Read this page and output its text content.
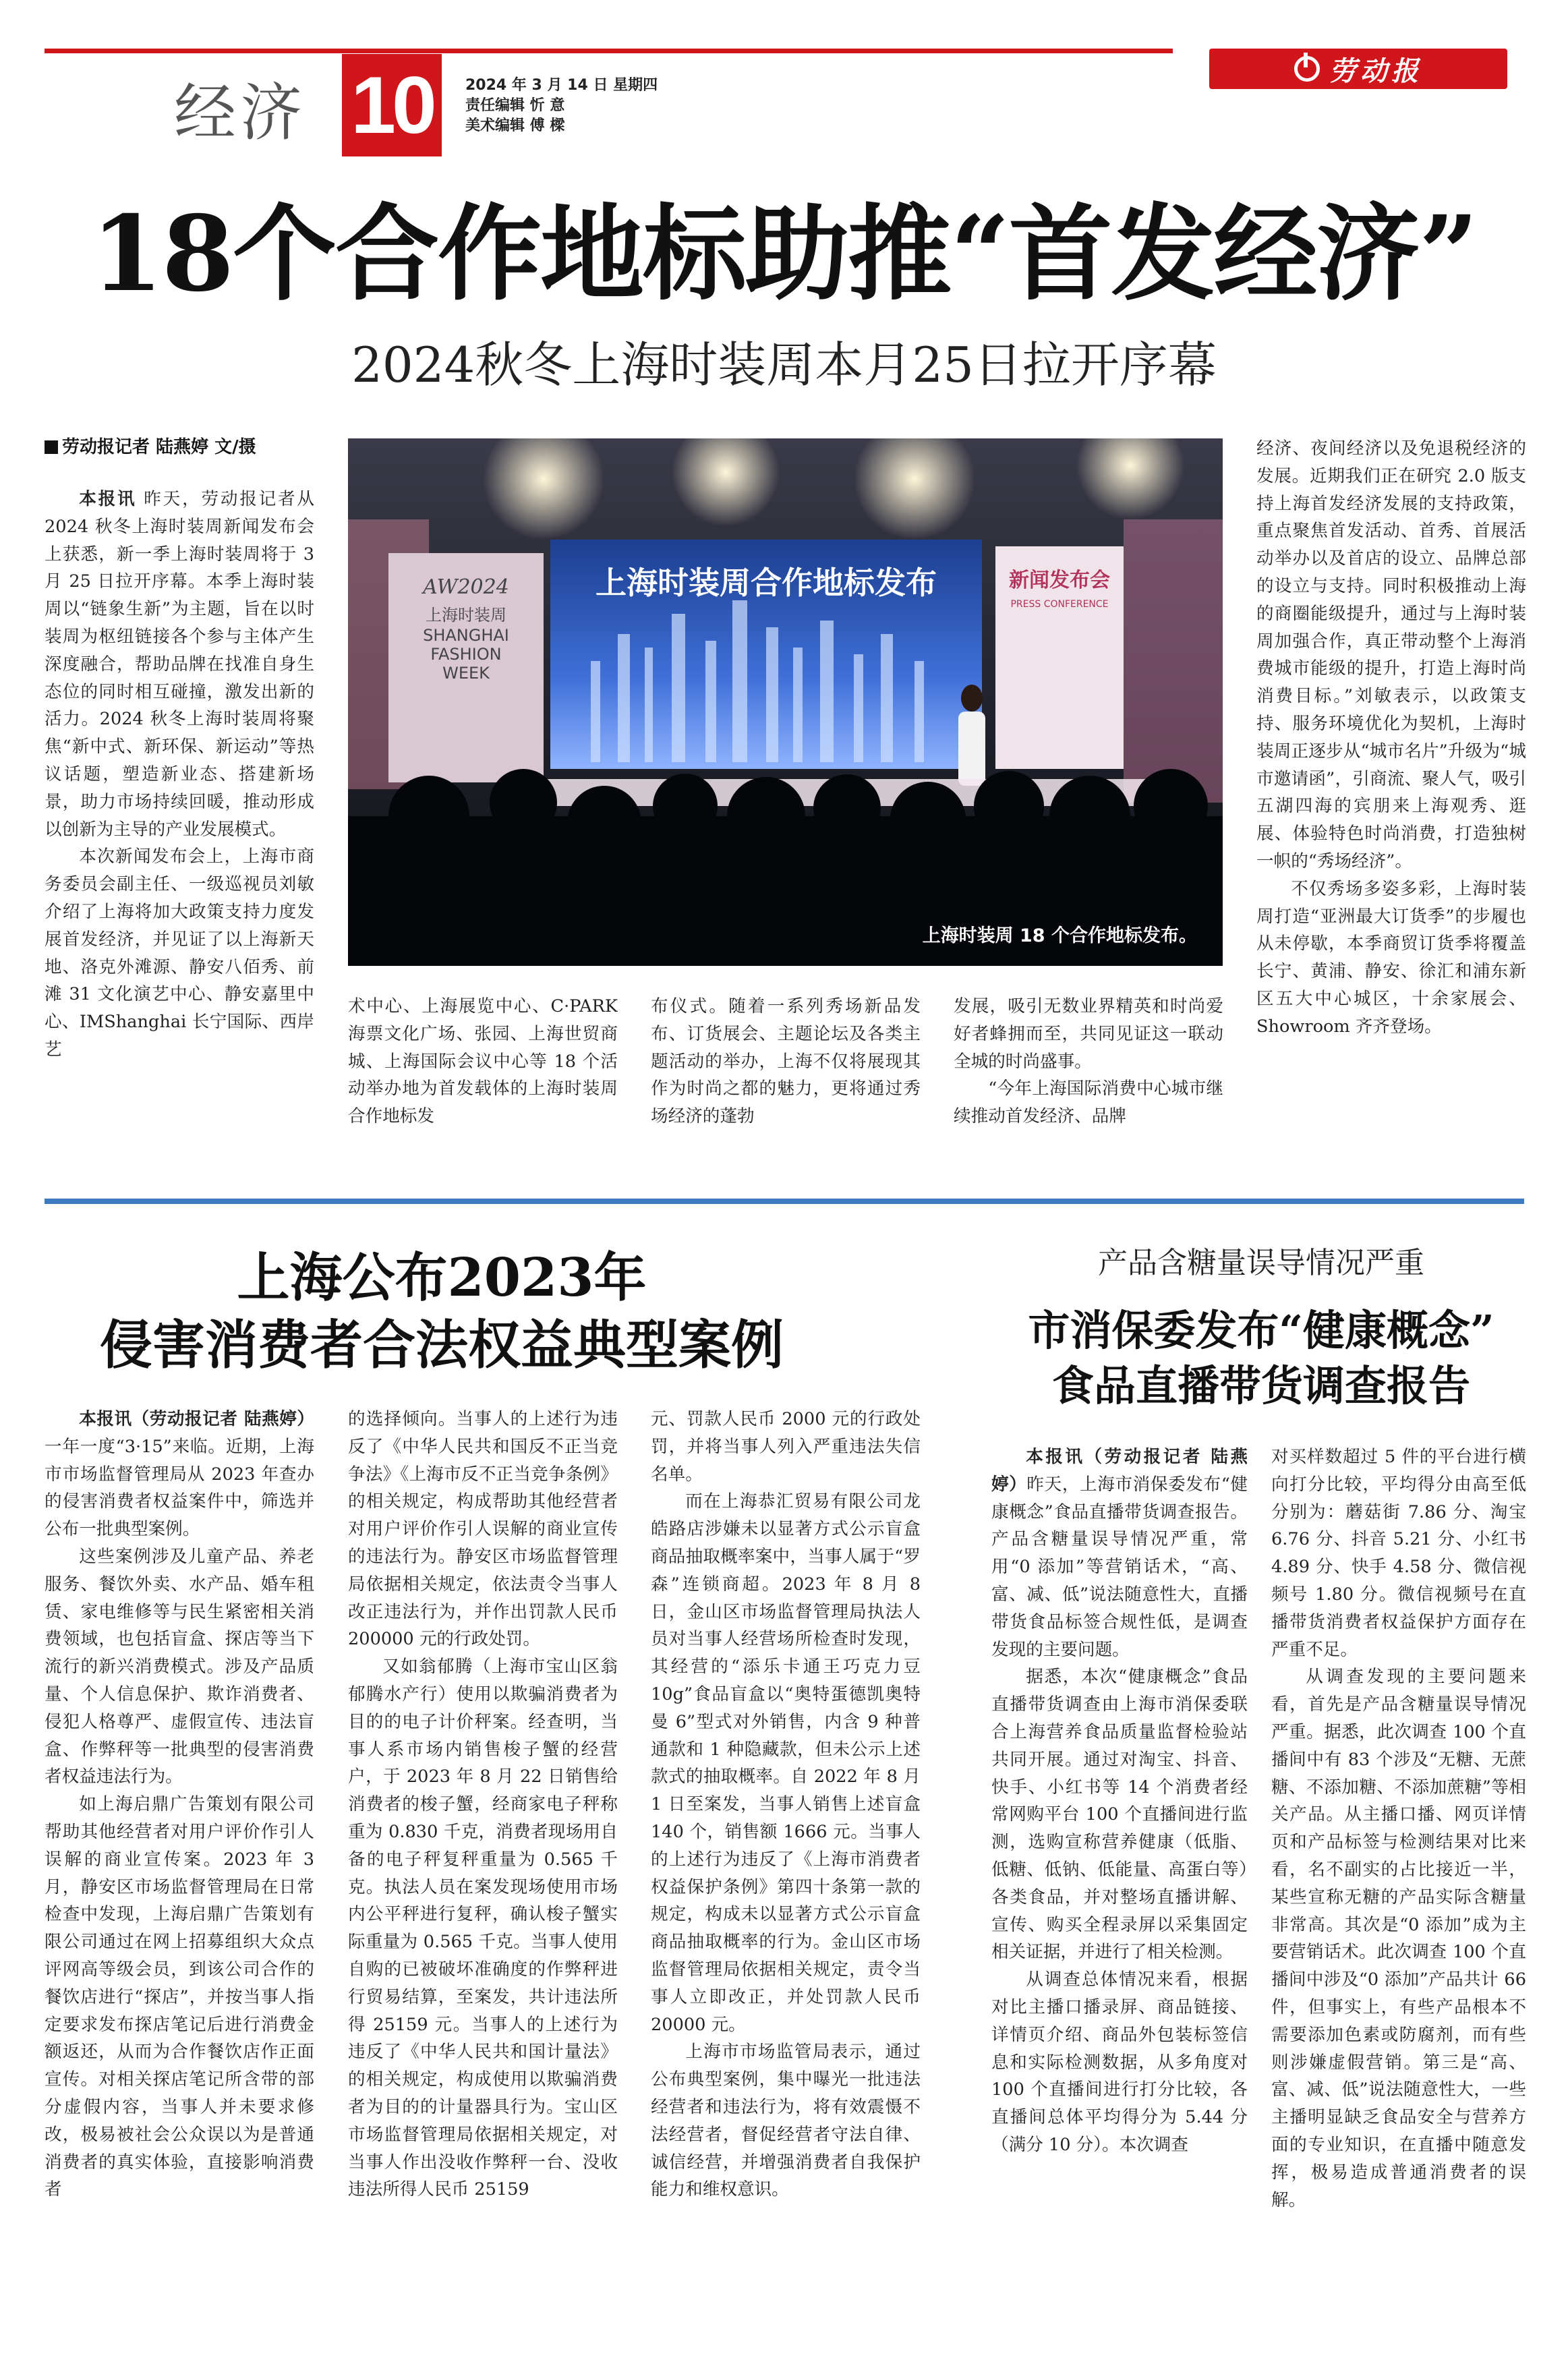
经济 10	2024 年 3 月 14 日 星期四
责任编辑 忻 意
美术编辑 傅 樑
劳动报
18个合作地标助推“首发经济”
2024秋冬上海时装周本月25日拉开序幕
劳动报记者 陆燕婷 文/摄

本报讯 昨天，劳动报记者从 2024 秋冬上海时装周新闻发布会上获悉，新一季上海时装周将于 3 月 25 日拉开序幕。本季上海时装周以“链象生新”为主题，旨在以时装周为枢纽链接各个参与主体产生深度融合，帮助品牌在找准自身生态位的同时相互碰撞，激发出新的活力。2024 秋冬上海时装周将聚焦“新中式、新环保、新运动”等热议话题，塑造新业态、搭建新场景，助力市场持续回暖，推动形成以创新为主导的产业发展模式。

本次新闻发布会上，上海市商务委员会副主任、一级巡视员刘敏介绍了上海将加大政策支持力度发展首发经济，并见证了以上海新天地、洛克外滩源、静安八佰秀、前滩 31 文化演艺中心、静安嘉里中心、IMShanghai 长宁国际、西岸艺

AW2024
上海时装周
SHANGHAI
FASHION
WEEK
上海时装周合作地标发布	新闻发布会
PRESS CONFERENCE
上海时装周 18 个合作地标发布。

术中心、上海展览中心、C·PARK 海票文化广场、张园、上海世贸商城、上海国际会议中心等 18 个活动举办地为首发载体的上海时装周合作地标发

布仪式。随着一系列秀场新品发布、订货展会、主题论坛及各类主题活动的举办，上海不仅将展现其作为时尚之都的魅力，更将通过秀场经济的蓬勃

发展，吸引无数业界精英和时尚爱好者蜂拥而至，共同见证这一联动全城的时尚盛事。

“今年上海国际消费中心城市继续推动首发经济、品牌

经济、夜间经济以及免退税经济的发展。近期我们正在研究 2.0 版支持上海首发经济发展的支持政策，重点聚焦首发活动、首秀、首展活动举办以及首店的设立、品牌总部的设立与支持。同时积极推动上海的商圈能级提升，通过与上海时装周加强合作，真正带动整个上海消费城市能级的提升，打造上海时尚消费目标。”刘敏表示，以政策支持、服务环境优化为契机，上海时装周正逐步从“城市名片”升级为“城市邀请函”，引商流、聚人气，吸引五湖四海的宾朋来上海观秀、逛展、体验特色时尚消费，打造独树一帜的“秀场经济”。

不仅秀场多姿多彩，上海时装周打造“亚洲最大订货季”的步履也从未停歇，本季商贸订货季将覆盖长宁、黄浦、静安、徐汇和浦东新区五大中心城区，十余家展会、Showroom 齐齐登场。

上海公布2023年
侵害消费者合法权益典型案例

本报讯（劳动报记者 陆燕婷）一年一度“3·15”来临。近期，上海市市场监督管理局从 2023 年查办的侵害消费者权益案件中，筛选并公布一批典型案例。

这些案例涉及儿童产品、养老服务、餐饮外卖、水产品、婚车租赁、家电维修等与民生紧密相关消费领域，也包括盲盒、探店等当下流行的新兴消费模式。涉及产品质量、个人信息保护、欺诈消费者、侵犯人格尊严、虚假宣传、违法盲盒、作弊秤等一批典型的侵害消费者权益违法行为。

如上海启鼎广告策划有限公司帮助其他经营者对用户评价作引人误解的商业宣传案。2023 年 3 月，静安区市场监督管理局在日常检查中发现，上海启鼎广告策划有限公司通过在网上招募组织大众点评网高等级会员，到该公司合作的餐饮店进行“探店”，并按当事人指定要求发布探店笔记后进行消费金额返还，从而为合作餐饮店作正面宣传。对相关探店笔记所含带的部分虚假内容，当事人并未要求修改，极易被社会公众误以为是普通消费者的真实体验，直接影响消费者

的选择倾向。当事人的上述行为违反了《中华人民共和国反不正当竞争法》《上海市反不正当竞争条例》的相关规定，构成帮助其他经营者对用户评价作引人误解的商业宣传的违法行为。静安区市场监督管理局依据相关规定，依法责令当事人改正违法行为，并作出罚款人民币 200000 元的行政处罚。

又如翁郁腾（上海市宝山区翁郁腾水产行）使用以欺骗消费者为目的的电子计价秤案。经查明，当事人系市场内销售梭子蟹的经营户，于 2023 年 8 月 22 日销售给消费者的梭子蟹，经商家电子秤称重为 0.830 千克，消费者现场用自备的电子秤复秤重量为 0.565 千克。执法人员在案发现场使用市场内公平秤进行复秤，确认梭子蟹实际重量为 0.565 千克。当事人使用自购的已被破坏准确度的作弊秤进行贸易结算，至案发，共计违法所得 25159 元。当事人的上述行为违反了《中华人民共和国计量法》的相关规定，构成使用以欺骗消费者为目的的计量器具行为。宝山区市场监督管理局依据相关规定，对当事人作出没收作弊秤一台、没收违法所得人民币 25159

元、罚款人民币 2000 元的行政处罚，并将当事人列入严重违法失信名单。

而在上海恭汇贸易有限公司龙皓路店涉嫌未以显著方式公示盲盒商品抽取概率案中，当事人属于“罗森”连锁商超。2023 年 8 月 8 日，金山区市场监督管理局执法人员对当事人经营场所检查时发现，其经营的“添乐卡通王巧克力豆 10g”食品盲盒以“奥特蛋德凯奥特曼 6”型式对外销售，内含 9 种普通款和 1 种隐藏款，但未公示上述款式的抽取概率。自 2022 年 8 月 1 日至案发，当事人销售上述盲盒 140 个，销售额 1666 元。当事人的上述行为违反了《上海市消费者权益保护条例》第四十条第一款的规定，构成未以显著方式公示盲盒商品抽取概率的行为。金山区市场监督管理局依据相关规定，责令当事人立即改正，并处罚款人民币 20000 元。

上海市市场监管局表示，通过公布典型案例，集中曝光一批违法经营者和违法行为，将有效震慑不法经营者，督促经营者守法自律、诚信经营，并增强消费者自我保护能力和维权意识。

产品含糖量误导情况严重
市消保委发布“健康概念”
食品直播带货调查报告

本报讯（劳动报记者 陆燕婷）昨天，上海市消保委发布“健康概念”食品直播带货调查报告。产品含糖量误导情况严重，常用“0 添加”等营销话术，“高、富、减、低”说法随意性大，直播带货食品标签合规性低，是调查发现的主要问题。

据悉，本次“健康概念”食品直播带货调查由上海市消保委联合上海营养食品质量监督检验站共同开展。通过对淘宝、抖音、快手、小红书等 14 个消费者经常网购平台 100 个直播间进行监测，选购宣称营养健康（低脂、低糖、低钠、低能量、高蛋白等）各类食品，并对整场直播讲解、宣传、购买全程录屏以采集固定相关证据，并进行了相关检测。

从调查总体情况来看，根据对比主播口播录屏、商品链接、详情页介绍、商品外包装标签信息和实际检测数据，从多角度对 100 个直播间进行打分比较，各直播间总体平均得分为 5.44 分（满分 10 分）。本次调查

对买样数超过 5 件的平台进行横向打分比较，平均得分由高至低分别为：蘑菇街 7.86 分、淘宝 6.76 分、抖音 5.21 分、小红书 4.89 分、快手 4.58 分、微信视频号 1.80 分。微信视频号在直播带货消费者权益保护方面存在严重不足。

从调查发现的主要问题来看，首先是产品含糖量误导情况严重。据悉，此次调查 100 个直播间中有 83 个涉及“无糖、无蔗糖、不添加糖、不添加蔗糖”等相关产品。从主播口播、网页详情页和产品标签与检测结果对比来看，名不副实的占比接近一半，某些宣称无糖的产品实际含糖量非常高。其次是“0 添加”成为主要营销话术。此次调查 100 个直播间中涉及“0 添加”产品共计 66 件，但事实上，有些产品根本不需要添加色素或防腐剂，而有些则涉嫌虚假营销。第三是“高、富、减、低”说法随意性大，一些主播明显缺乏食品安全与营养方面的专业知识，在直播中随意发挥，极易造成普通消费者的误解。
